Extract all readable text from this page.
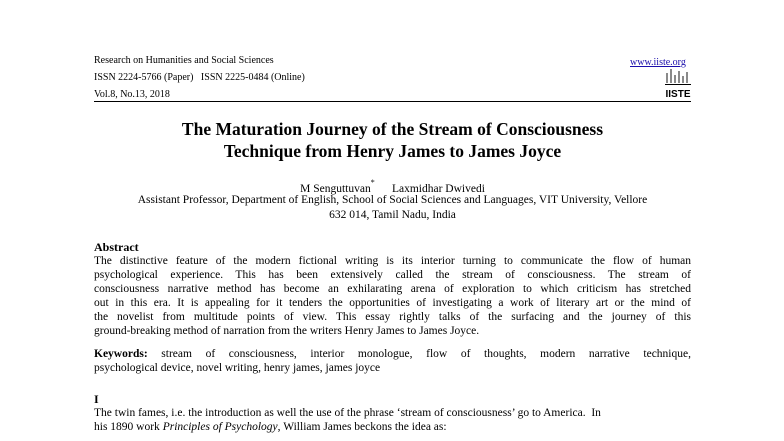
Research on Humanities and Social Sciences
ISSN 2224-5766 (Paper)   ISSN 2225-0484 (Online)
Vol.8, No.13, 2018
www.iiste.org
IISTE
The Maturation Journey of the Stream of Consciousness
Technique from Henry James to James Joyce
M Senguttuvan*      Laxmidhar Dwivedi
Assistant Professor, Department of English, School of Social Sciences and Languages, VIT University, Vellore
632 014, Tamil Nadu, India
Abstract
The distinctive feature of the modern fictional writing is its interior turning to communicate the flow of human
psychological experience. This has been extensively called the stream of consciousness. The stream of
consciousness narrative method has become an exhilarating arena of exploration to which criticism has stretched
out in this era. It is appealing for it tenders the opportunities of investigating a work of literary art or the mind of
the novelist from multitude points of view. This essay rightly talks of the surfacing and the journey of this
ground-breaking method of narration from the writers Henry James to James Joyce.
Keywords: stream of consciousness, interior monologue, flow of thoughts, modern narrative technique,
psychological device, novel writing, henry james, james joyce
I
The twin fames, i.e. the introduction as well the use of the phrase ‘stream of consciousness’ go to America.  In
his 1890 work Principles of Psychology, William James beckons the idea as:
